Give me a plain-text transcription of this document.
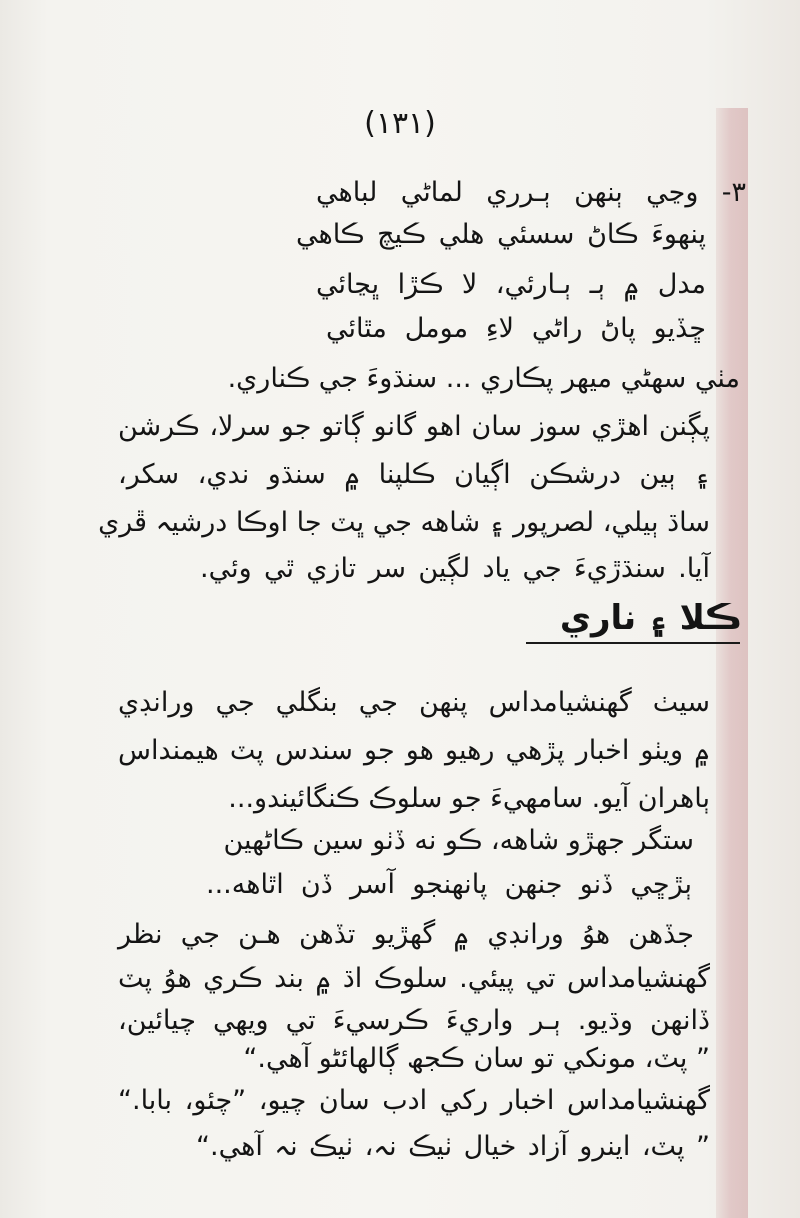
(١٣١)
٣- وڃي ٻنهن ٻـرري لماڻي لباهي
پنهوءَ ڪاڻ سسئي هلي ڪيچ ڪاهي
مدل ۾ ٻـ ٻـارئي، لا ڪڙا ڀڃائي
ڇڏيو پاڻ راڻي لاءِ مومل مٿائي
مٺي سهڻي ميهر پڪاري ... سنڌوءَ جي ڪناري.
پڳنن اهڙي سوز سان اهو گانو ڳاتو جو سرلا، ڪرشن
۽ ٻين درشڪن اڳيان ڪلپنا ۾ سنڌو ندي، سکر،
ساڌ ٻيلي، لصرپور ۽ شاهه جي ڀٽ جا اوڪا درشيہ ڦري
آيا. سنڌڙيءَ جي ياد لڳين سر تازي ٿي وئي.
ڪلا ۽ ناري
سيٺ گهنشيامداس پنهن جي بنگلي جي ورانڊي
۾ ويٺو اخبار پڙهي رهيو هو جو سندس پٽ هيمنداس
ٻاهران آيو. سامهيءَ جو سلوڪ ڪنگائيندو...
ستگر جهڙو شاهه، ڪو نه ڏٺو سين ڪاڻهين
ٻڙڇي ڏنو جنهن پانهنجو آسر ڏن اٿاهه...
جڏهن هوُ ورانڊي ۾ گهڙيو تڏهن هـن جي نظر
گهنشيامداس تي پيئي. سلوڪ اڌ ۾ بند ڪري هوُ پٽ
ڏانهن وڌيو. ٻـر واريءَ ڪرسيءَ تي ويهي چيائين،
” پٽ، مونکي تو سان ڪجھ ڳالهائڻو آهي.“
گهنشيامداس اخبار رکي ادب سان چيو، ”چئو، بابا.“
” پٽ، اينرو آزاد خيال ٺيڪ نہ، ٺيڪ نہ آهي.“
